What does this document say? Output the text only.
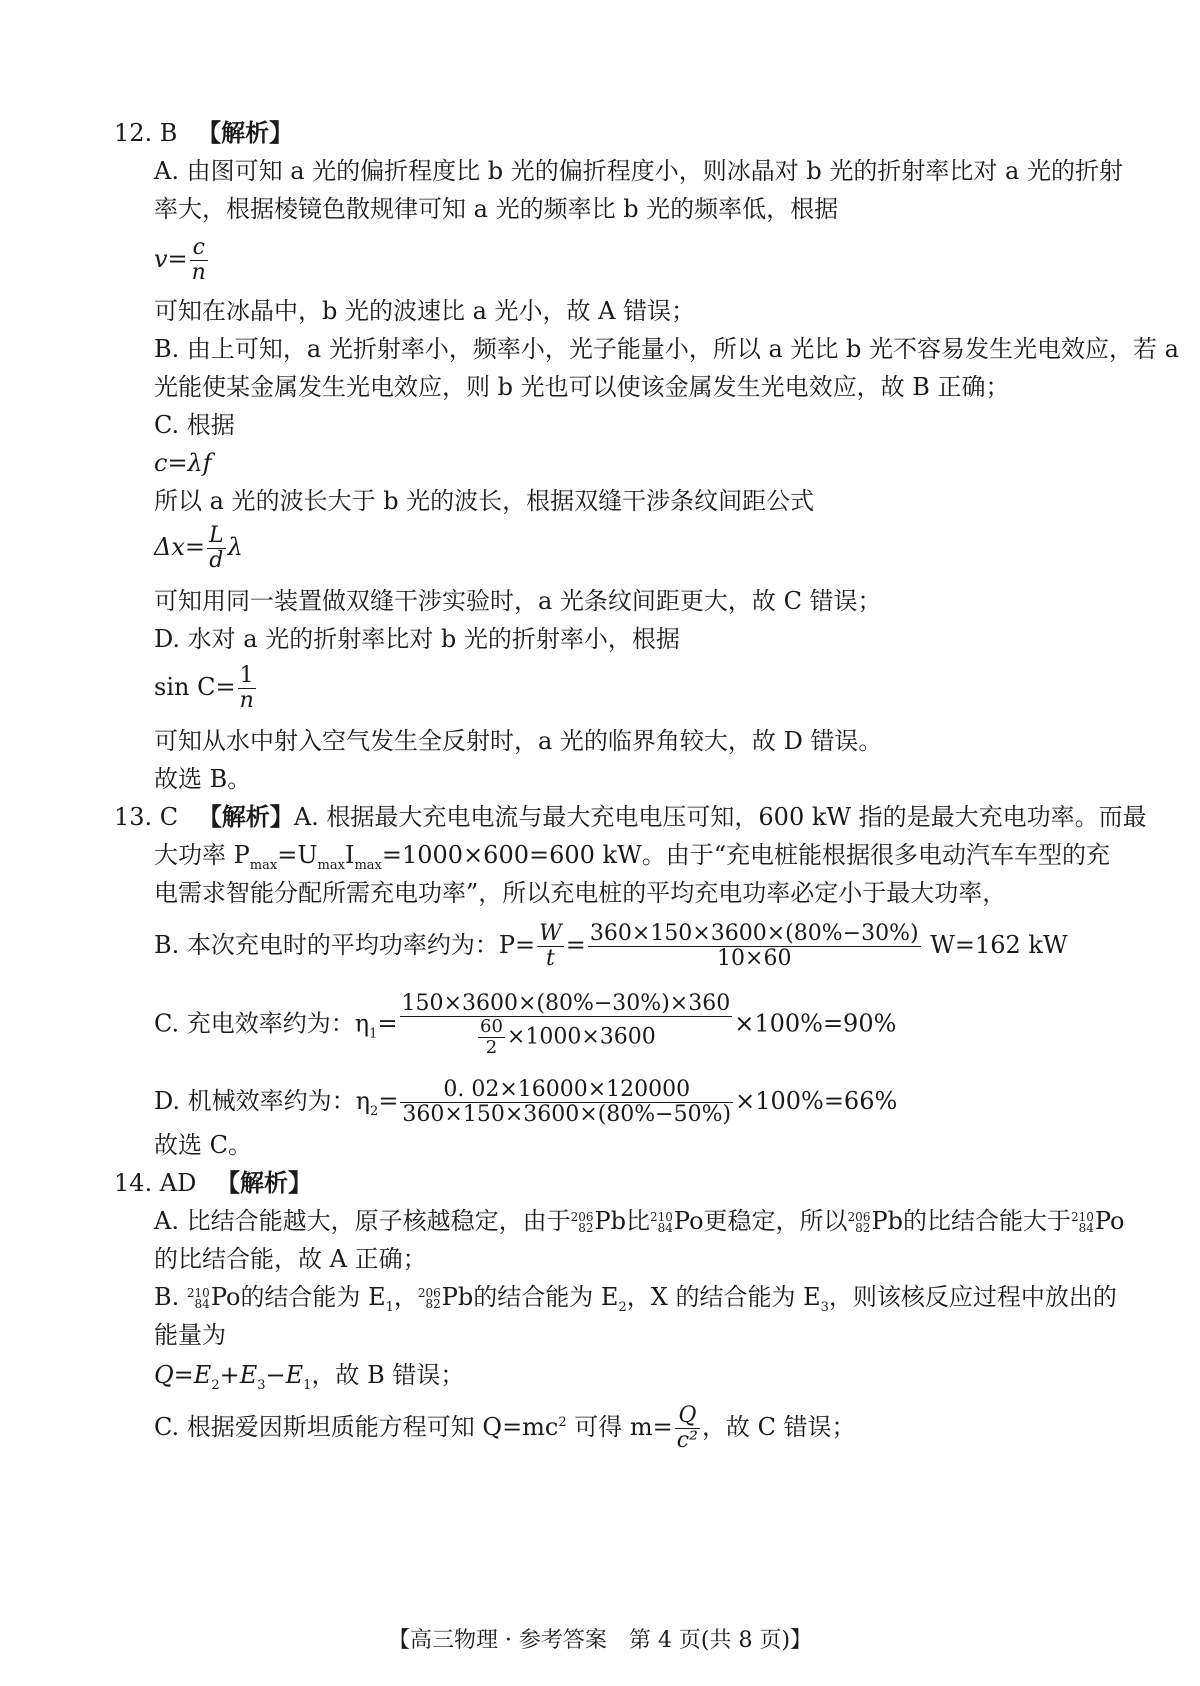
12. B 【解析】
A. 由图可知 a 光的偏折程度比 b 光的偏折程度小，则冰晶对 b 光的折射率比对 a 光的折射
率大，根据棱镜色散规律可知 a 光的频率比 b 光的频率低，根据
$v= \frac{c}{n}$
可知在冰晶中，b 光的波速比 a 光小，故 A 错误；
B. 由上可知，a 光折射率小，频率小，光子能量小，所以 a 光比 b 光不容易发生光电效应，若 a
光能使某金属发生光电效应，则 b 光也可以使该金属发生光电效应，故 B 正确；
C. 根据
c=λf
所以 a 光的波长大于 b 光的波长，根据双缝干涉条纹间距公式
$\Delta x= \frac{L}{d}$ λ
可知用同一装置做双缝干涉实验时，a 光条纹间距更大，故 C 错误；
D. 水对 a 光的折射率比对 b 光的折射率小，根据
$\sin C= \frac{1}{n}$
可知从水中射入空气发生全反射时，a 光的临界角较大，故 D 错误。
故选 B。
13. C 【解析】A. 根据最大充电电流与最大充电电压可知，600 kW 指的是最大充电功率。而最
大功率 $P_{max}=U_{max}I_{max}=1000\times 600=600$ kW。由于“充电桩能根据很多电动汽车车型的充
电需求智能分配所需充电功率”，所以充电桩的平均充电功率必定小于最大功率，
B. 本次充电时的平均功率约为：$P= \frac{W}{t} = \frac{360\times 150\times 3600\times(80\%-30\%)}{10\times 60} W=162$ kW
C. 充电效率约为：$\eta_1= \frac{150\times 3600\times(80\%-30\%)\times 360}{\frac{60}{2} \times 1000\times 3600} \times 100\%=90\%$
D. 机械效率约为：$\eta_2= \frac{0. 02\times 16000\times 120000}{360\times 150\times 3600\times(80\%-50\%)} \times 100\%=66\%$
故选 C。
14. AD 【解析】
A. 比结合能越大，原子核越稳定，由于 206
82 Pb比 210
84 Po更稳定，所以 206
82 Pb的比结合能大于 210
84 Po
的比结合能，故 A 正确；
B. 210
84 Po的结合能为 $E_1$， 206
82 Pb的结合能为 $E_2$，X 的结合能为 $E_3$，则该核反应过程中放出的
能量为
$Q=E_2+E_3-E_1$，故 B 错误；
C. 根据爱因斯坦质能方程可知 $Q=mc^2$ 可得 $m= \frac{Q}{\text{c²}}$ ，故 C 错误；
【高三物理 · 参考答案　第 4 页(共 8 页)】
